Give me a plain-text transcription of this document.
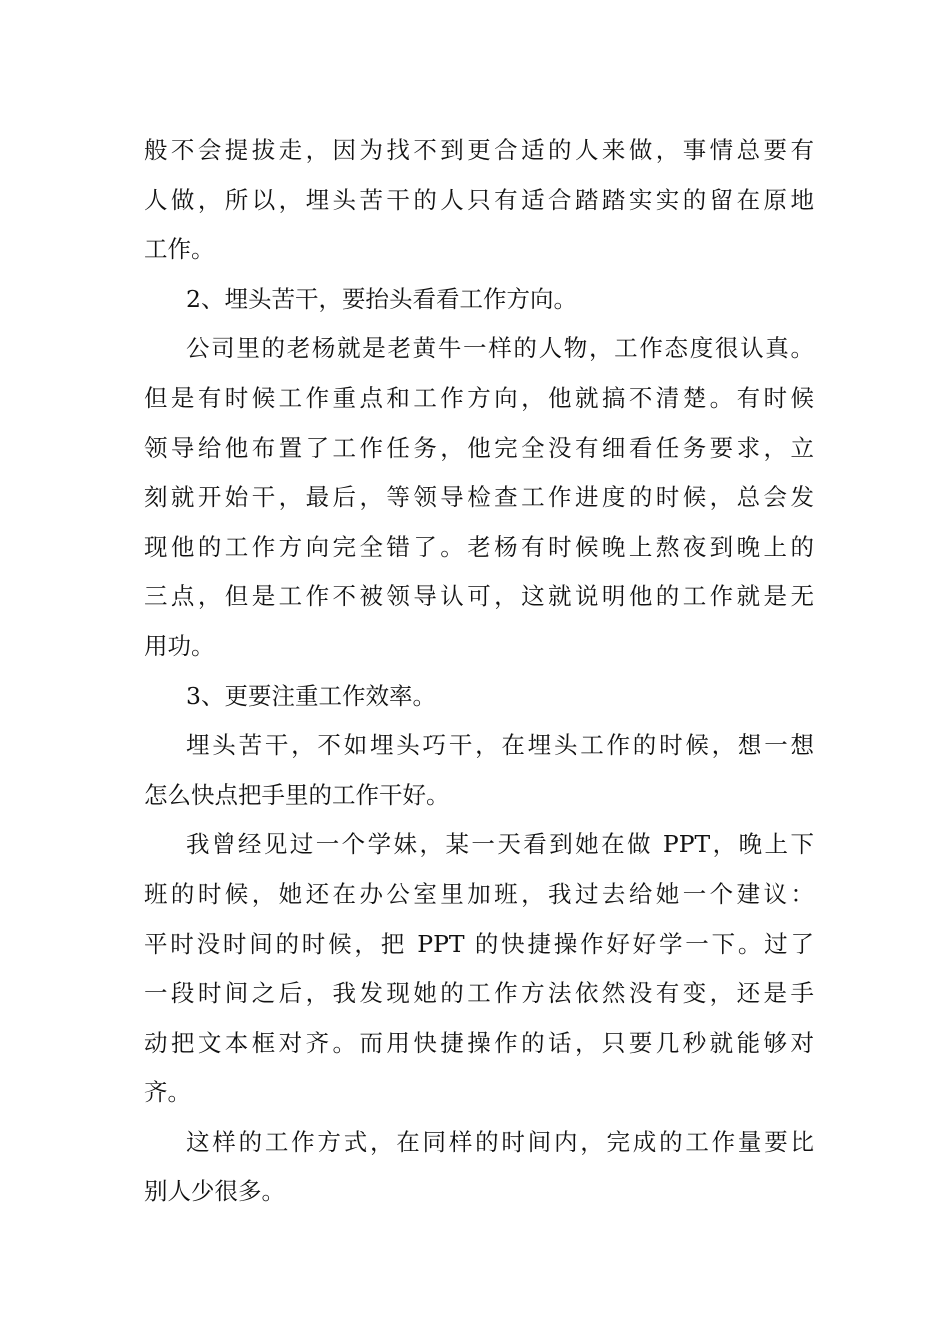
般不会提拔走，因为找不到更合适的人来做，事情总要有
人做，所以，埋头苦干的人只有适合踏踏实实的留在原地
工作。
2、埋头苦干，要抬头看看工作方向。
公司里的老杨就是老黄牛一样的人物，工作态度很认真。
但是有时候工作重点和工作方向，他就搞不清楚。有时候
领导给他布置了工作任务，他完全没有细看任务要求，立
刻就开始干，最后，等领导检查工作进度的时候，总会发
现他的工作方向完全错了。老杨有时候晚上熬夜到晚上的
三点，但是工作不被领导认可，这就说明他的工作就是无
用功。
3、更要注重工作效率。
埋头苦干，不如埋头巧干，在埋头工作的时候，想一想
怎么快点把手里的工作干好。
我曾经见过一个学妹，某一天看到她在做 PPT，晚上下
班的时候，她还在办公室里加班，我过去给她一个建议：
平时没时间的时候，把 PPT 的快捷操作好好学一下。过了
一段时间之后，我发现她的工作方法依然没有变，还是手
动把文本框对齐。而用快捷操作的话，只要几秒就能够对
齐。
这样的工作方式，在同样的时间内，完成的工作量要比
别人少很多。
